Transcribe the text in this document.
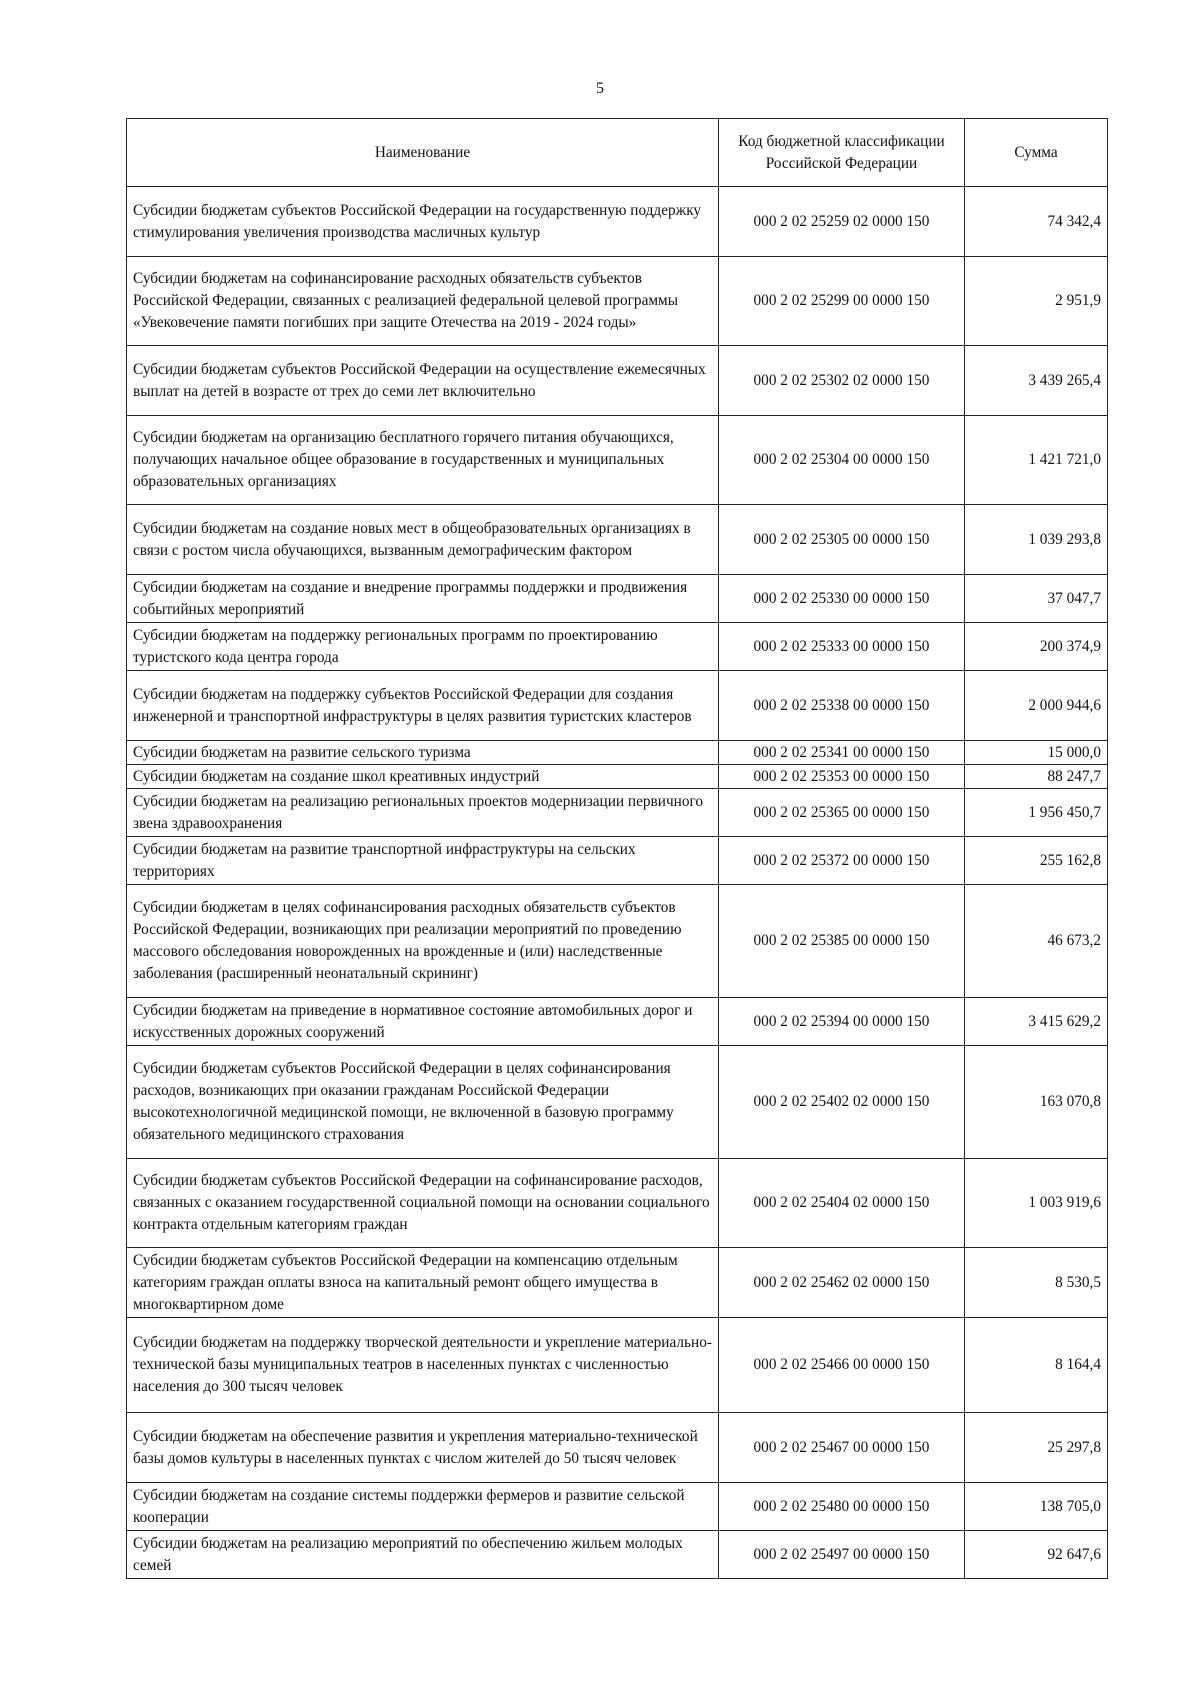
5
Наименование	Код бюджетной классификации Российской Федерации	Сумма
Субсидии бюджетам субъектов Российской Федерации на государственную поддержку стимулирования увеличения производства масличных культур	000 2 02 25259 02 0000 150	74 342,4
Субсидии бюджетам на софинансирование расходных обязательств субъектов Российской Федерации, связанных с реализацией федеральной целевой программы «Увековечение памяти погибших при защите Отечества на 2019 - 2024 годы»	000 2 02 25299 00 0000 150	2 951,9
Субсидии бюджетам субъектов Российской Федерации на осуществление ежемесячных выплат на детей в возрасте от трех до семи лет включительно	000 2 02 25302 02 0000 150	3 439 265,4
Субсидии бюджетам на организацию бесплатного горячего питания обучающихся, получающих начальное общее образование в государственных и муниципальных образовательных организациях	000 2 02 25304 00 0000 150	1 421 721,0
Субсидии бюджетам на создание новых мест в общеобразовательных организациях в связи с ростом числа обучающихся, вызванным демографическим фактором	000 2 02 25305 00 0000 150	1 039 293,8
Субсидии бюджетам на создание и внедрение программы поддержки и продвижения событийных мероприятий	000 2 02 25330 00 0000 150	37 047,7
Субсидии бюджетам на поддержку региональных программ по проектированию туристского кода центра города	000 2 02 25333 00 0000 150	200 374,9
Субсидии бюджетам на поддержку субъектов Российской Федерации для создания инженерной и транспортной инфраструктуры в целях развития туристских кластеров	000 2 02 25338 00 0000 150	2 000 944,6
Субсидии бюджетам на развитие сельского туризма	000 2 02 25341 00 0000 150	15 000,0
Субсидии бюджетам на создание школ креативных индустрий	000 2 02 25353 00 0000 150	88 247,7
Субсидии бюджетам на реализацию региональных проектов модернизации первичного звена здравоохранения	000 2 02 25365 00 0000 150	1 956 450,7
Субсидии бюджетам на развитие транспортной инфраструктуры на сельских территориях	000 2 02 25372 00 0000 150	255 162,8
Субсидии бюджетам в целях софинансирования расходных обязательств субъектов Российской Федерации, возникающих при реализации мероприятий по проведению массового обследования новорожденных на врожденные и (или) наследственные заболевания (расширенный неонатальный скрининг)	000 2 02 25385 00 0000 150	46 673,2
Субсидии бюджетам на приведение в нормативное состояние автомобильных дорог и искусственных дорожных сооружений	000 2 02 25394 00 0000 150	3 415 629,2
Субсидии бюджетам субъектов Российской Федерации в целях софинансирования расходов, возникающих при оказании гражданам Российской Федерации высокотехнологичной медицинской помощи, не включенной в базовую программу обязательного медицинского страхования	000 2 02 25402 02 0000 150	163 070,8
Субсидии бюджетам субъектов Российской Федерации на софинансирование расходов, связанных с оказанием государственной социальной помощи на основании социального контракта отдельным категориям граждан	000 2 02 25404 02 0000 150	1 003 919,6
Субсидии бюджетам субъектов Российской Федерации на компенсацию отдельным категориям граждан оплаты взноса на капитальный ремонт общего имущества в многоквартирном доме	000 2 02 25462 02 0000 150	8 530,5
Субсидии бюджетам на поддержку творческой деятельности и укрепление материально-технической базы муниципальных театров в населенных пунктах с численностью населения до 300 тысяч человек	000 2 02 25466 00 0000 150	8 164,4
Субсидии бюджетам на обеспечение развития и укрепления материально-технической базы домов культуры в населенных пунктах с числом жителей до 50 тысяч человек	000 2 02 25467 00 0000 150	25 297,8
Субсидии бюджетам на создание системы поддержки фермеров и развитие сельской кооперации	000 2 02 25480 00 0000 150	138 705,0
Субсидии бюджетам на реализацию мероприятий по обеспечению жильем молодых семей	000 2 02 25497 00 0000 150	92 647,6
